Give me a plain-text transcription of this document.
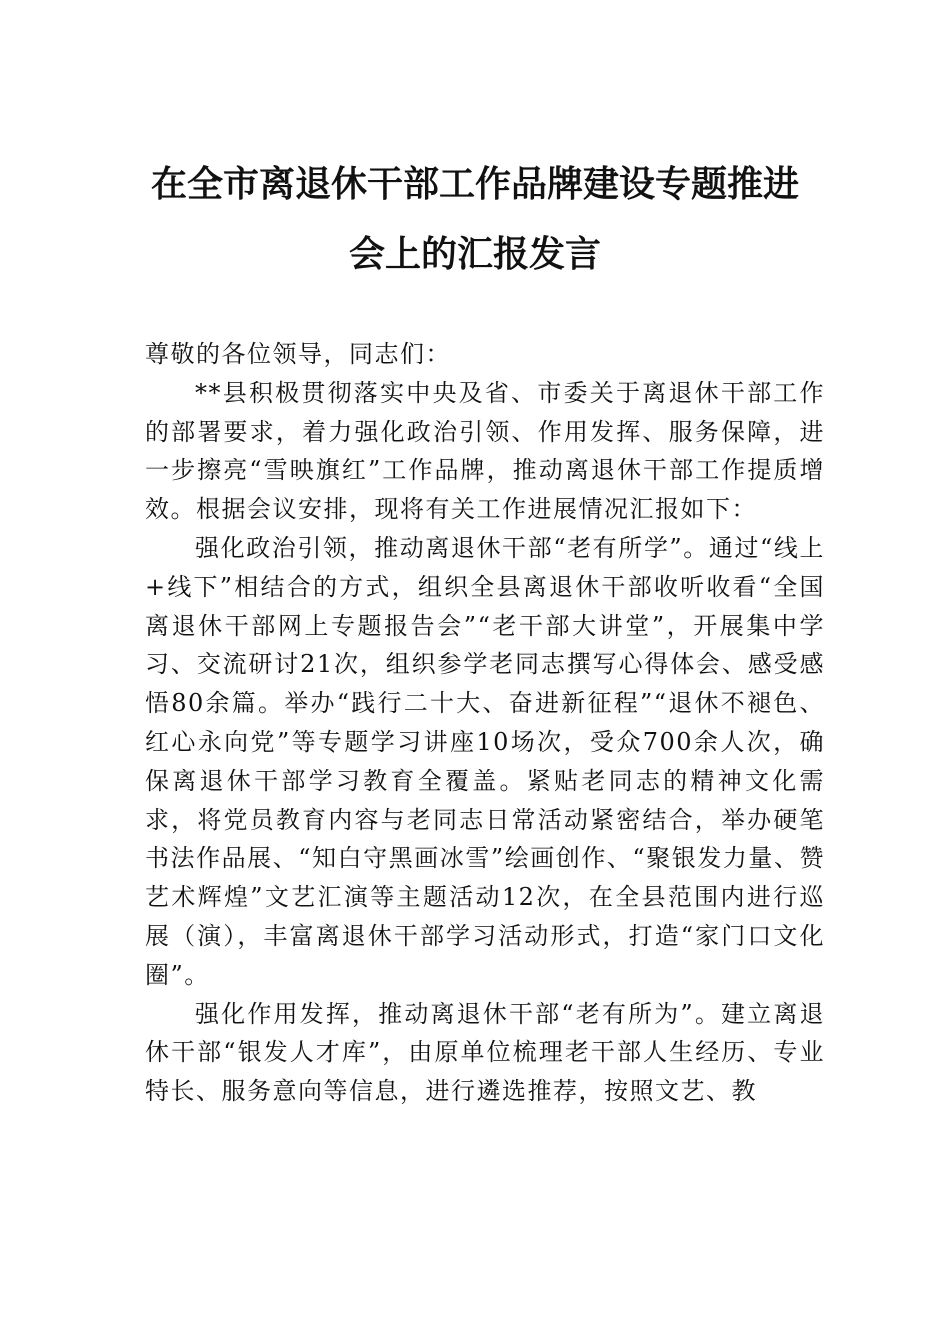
在全市离退休干部工作品牌建设专题推进
会上的汇报发言

尊敬的各位领导，同志们：

**县积极贯彻落实中央及省、市委关于离退休干部工作的部署要求，着力强化政治引领、作用发挥、服务保障，进一步擦亮“雪映旗红”工作品牌，推动离退休干部工作提质增效。根据会议安排，现将有关工作进展情况汇报如下：

强化政治引领，推动离退休干部“老有所学”。通过“线上+线下”相结合的方式，组织全县离退休干部收听收看“全国离退休干部网上专题报告会”“老干部大讲堂”，开展集中学习、交流研讨21次，组织参学老同志撰写心得体会、感受感悟80余篇。举办“践行二十大、奋进新征程”“退休不褪色、红心永向党”等专题学习讲座10场次，受众700余人次，确保离退休干部学习教育全覆盖。紧贴老同志的精神文化需求，将党员教育内容与老同志日常活动紧密结合，举办硬笔书法作品展、“知白守黑画冰雪”绘画创作、“聚银发力量、赞艺术辉煌”文艺汇演等主题活动12次，在全县范围内进行巡展（演），丰富离退休干部学习活动形式，打造“家门口文化圈”。

强化作用发挥，推动离退休干部“老有所为”。建立离退休干部“银发人才库”，由原单位梳理老干部人生经历、专业特长、服务意向等信息，进行遴选推荐，按照文艺、教
